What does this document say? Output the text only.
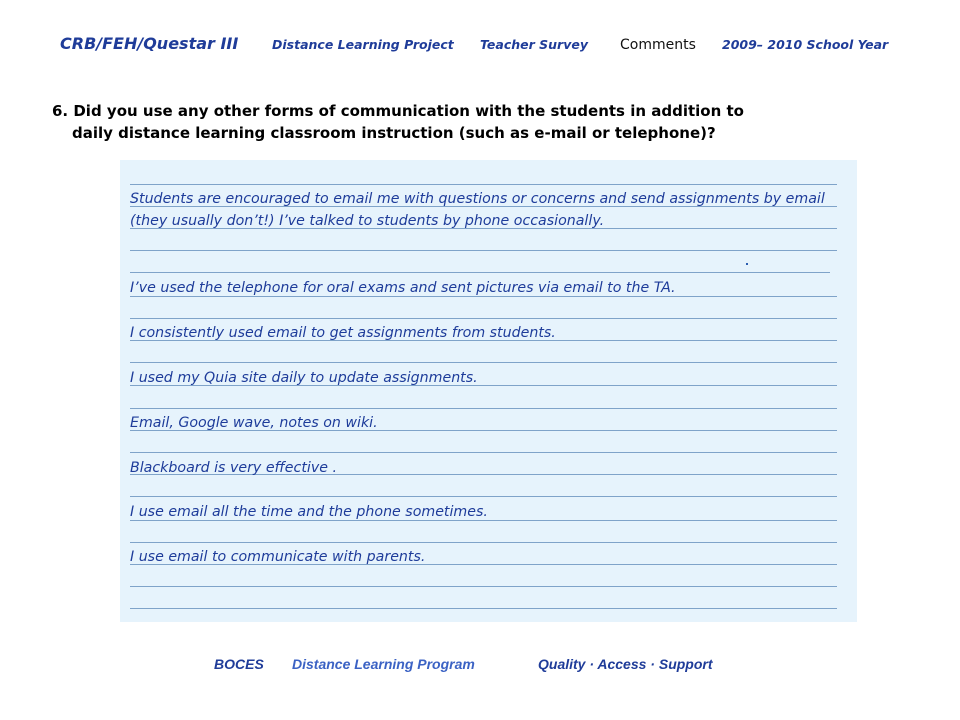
CRB/FEH/Questar III	Distance Learning Project Teacher Survey Comments 2009– 2010 School Year
6. Did you use any other forms of communication with the students in addition to
daily distance learning classroom instruction (such as e-mail or telephone)?
Students are encouraged to email me with questions or concerns and send assignments by email (they usually don’t!) I’ve talked to students by phone occasionally.
I’ve used the telephone for oral exams and sent pictures via email to the TA.
I consistently used email to get assignments from students.
I used my Quia site daily to update assignments.
Email, Google wave, notes on wiki.
Blackboard is very effective .
I use email all the time and the phone sometimes.
I use email to communicate with parents.
BOCES Distance Learning Program	Quality · Access · Support
